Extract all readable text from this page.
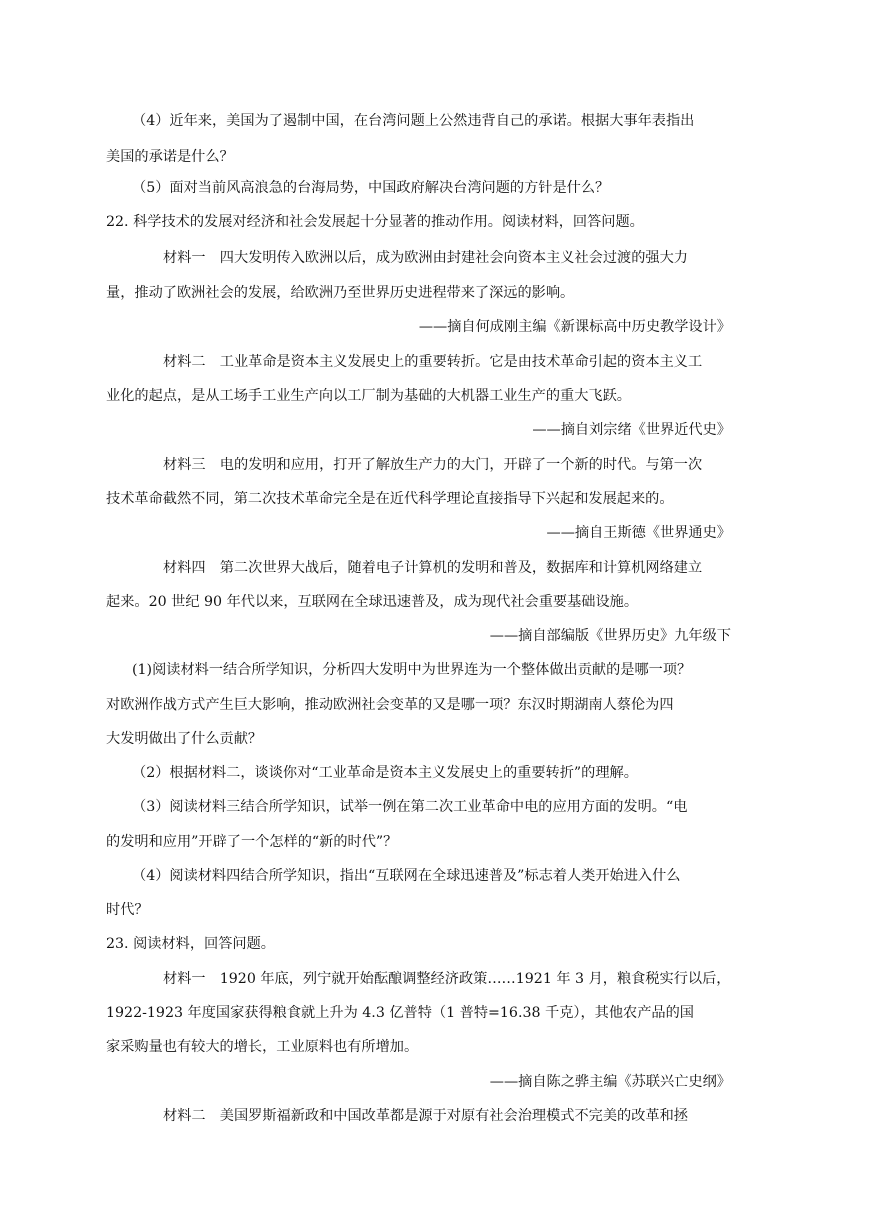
（4）近年来，美国为了遏制中国，在台湾问题上公然违背自己的承诺。根据大事年表指出
美国的承诺是什么？
（5）面对当前风高浪急的台海局势，中国政府解决台湾问题的方针是什么？
22. 科学技术的发展对经济和社会发展起十分显著的推动作用。阅读材料，回答问题。
材料一　四大发明传入欧洲以后，成为欧洲由封建社会向资本主义社会过渡的强大力
量，推动了欧洲社会的发展，给欧洲乃至世界历史进程带来了深远的影响。
——摘自何成刚主编《新课标高中历史教学设计》
材料二　工业革命是资本主义发展史上的重要转折。它是由技术革命引起的资本主义工
业化的起点，是从工场手工业生产向以工厂制为基础的大机器工业生产的重大飞跃。
——摘自刘宗绪《世界近代史》
材料三　电的发明和应用，打开了解放生产力的大门，开辟了一个新的时代。与第一次
技术革命截然不同，第二次技术革命完全是在近代科学理论直接指导下兴起和发展起来的。
——摘自王斯德《世界通史》
材料四　第二次世界大战后，随着电子计算机的发明和普及，数据库和计算机网络建立
起来。20 世纪 90 年代以来，互联网在全球迅速普及，成为现代社会重要基础设施。
——摘自部编版《世界历史》九年级下
(1)阅读材料一结合所学知识，分析四大发明中为世界连为一个整体做出贡献的是哪一项？
对欧洲作战方式产生巨大影响，推动欧洲社会变革的又是哪一项？东汉时期湖南人蔡伦为四
大发明做出了什么贡献？
（2）根据材料二，谈谈你对“工业革命是资本主义发展史上的重要转折”的理解。
（3）阅读材料三结合所学知识，试举一例在第二次工业革命中电的应用方面的发明。“电
的发明和应用”开辟了一个怎样的“新的时代”？
（4）阅读材料四结合所学知识，指出“互联网在全球迅速普及”标志着人类开始进入什么
时代？
23. 阅读材料，回答问题。
材料一　1920 年底，列宁就开始酝酿调整经济政策……1921 年 3 月，粮食税实行以后，
1922-1923 年度国家获得粮食就上升为 4.3 亿普特（1 普特=16.38 千克），其他农产品的国
家采购量也有较大的增长，工业原料也有所增加。
——摘自陈之骅主编《苏联兴亡史纲》
材料二　美国罗斯福新政和中国改革都是源于对原有社会治理模式不完美的改革和拯
